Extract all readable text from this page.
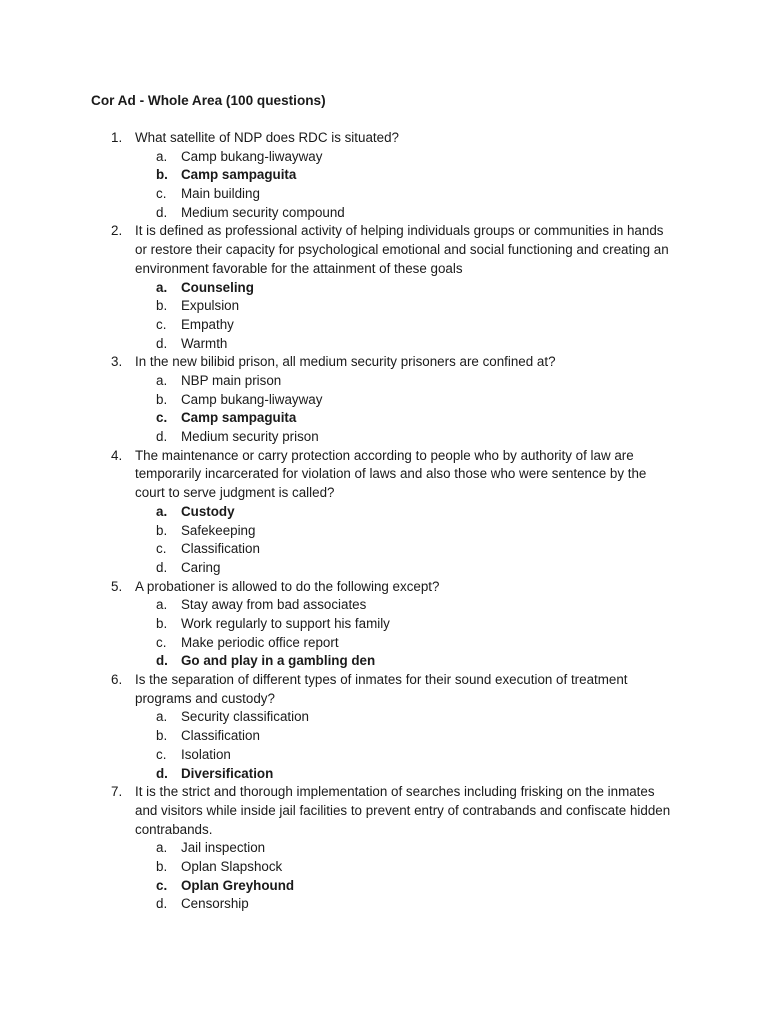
Cor Ad - Whole Area (100 questions)
1. What satellite of NDP does RDC is situated?
a. Camp bukang-liwayway
b. Camp sampaguita
c. Main building
d. Medium security compound
2. It is defined as professional activity of helping individuals groups or communities in hands or restore their capacity for psychological emotional and social functioning and creating an environment favorable for the attainment of these goals
a. Counseling
b. Expulsion
c. Empathy
d. Warmth
3. In the new bilibid prison, all medium security prisoners are confined at?
a. NBP main prison
b. Camp bukang-liwayway
c. Camp sampaguita
d. Medium security prison
4. The maintenance or carry protection according to people who by authority of law are temporarily incarcerated for violation of laws and also those who were sentence by the court to serve judgment is called?
a. Custody
b. Safekeeping
c. Classification
d. Caring
5. A probationer is allowed to do the following except?
a. Stay away from bad associates
b. Work regularly to support his family
c. Make periodic office report
d. Go and play in a gambling den
6. Is the separation of different types of inmates for their sound execution of treatment programs and custody?
a. Security classification
b. Classification
c. Isolation
d. Diversification
7. It is the strict and thorough implementation of searches including frisking on the inmates and visitors while inside jail facilities to prevent entry of contrabands and confiscate hidden contrabands.
a. Jail inspection
b. Oplan Slapshock
c. Oplan Greyhound
d. Censorship
